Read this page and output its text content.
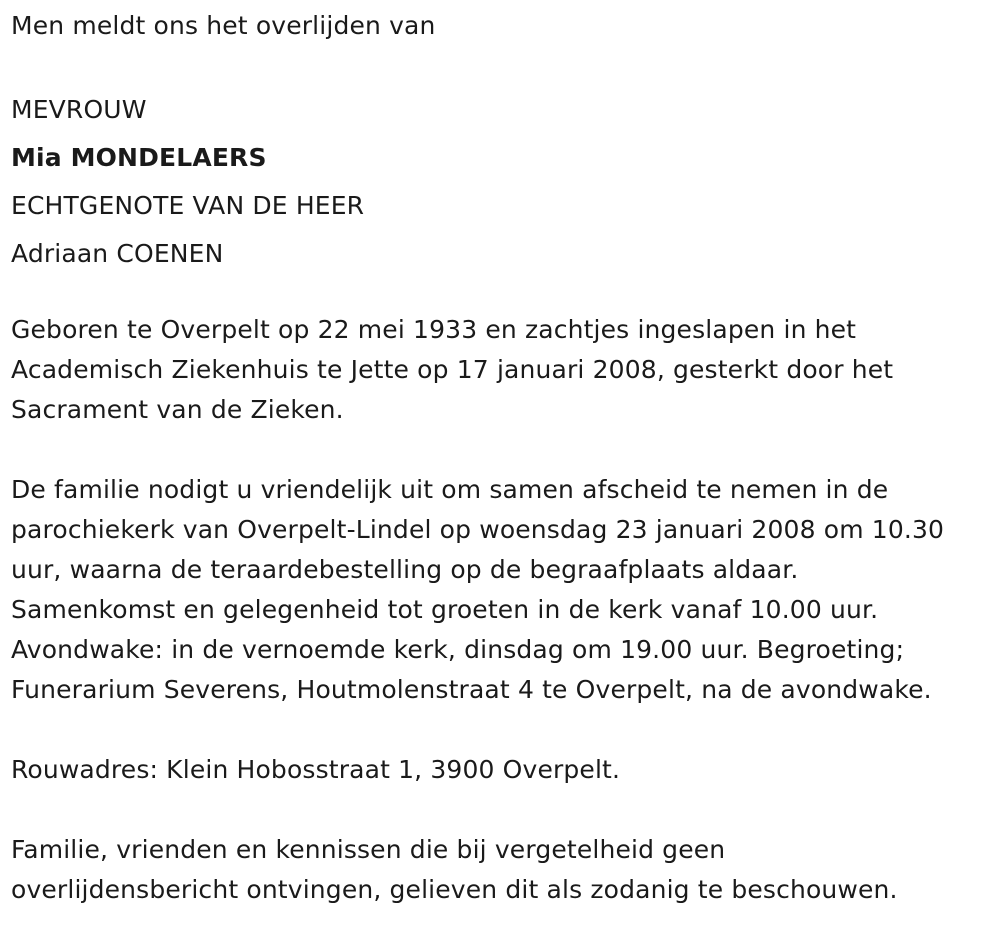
Men meldt ons het overlijden van
MEVROUW
Mia MONDELAERS
ECHTGENOTE VAN DE HEER
Adriaan COENEN
Geboren te Overpelt op 22 mei 1933 en zachtjes ingeslapen in het
Academisch Ziekenhuis te Jette op 17 januari 2008, gesterkt door het
Sacrament van de Zieken.
De familie nodigt u vriendelijk uit om samen afscheid te nemen in de
parochiekerk van Overpelt-Lindel op woensdag 23 januari 2008 om 10.30
uur, waarna de teraardebestelling op de begraafplaats aldaar.
Samenkomst en gelegenheid tot groeten in de kerk vanaf 10.00 uur.
Avondwake: in de vernoemde kerk, dinsdag om 19.00 uur. Begroeting;
Funerarium Severens, Houtmolenstraat 4 te Overpelt, na de avondwake.
Rouwadres: Klein Hobosstraat 1, 3900 Overpelt.
Familie, vrienden en kennissen die bij vergetelheid geen
overlijdensbericht ontvingen, gelieven dit als zodanig te beschouwen.
